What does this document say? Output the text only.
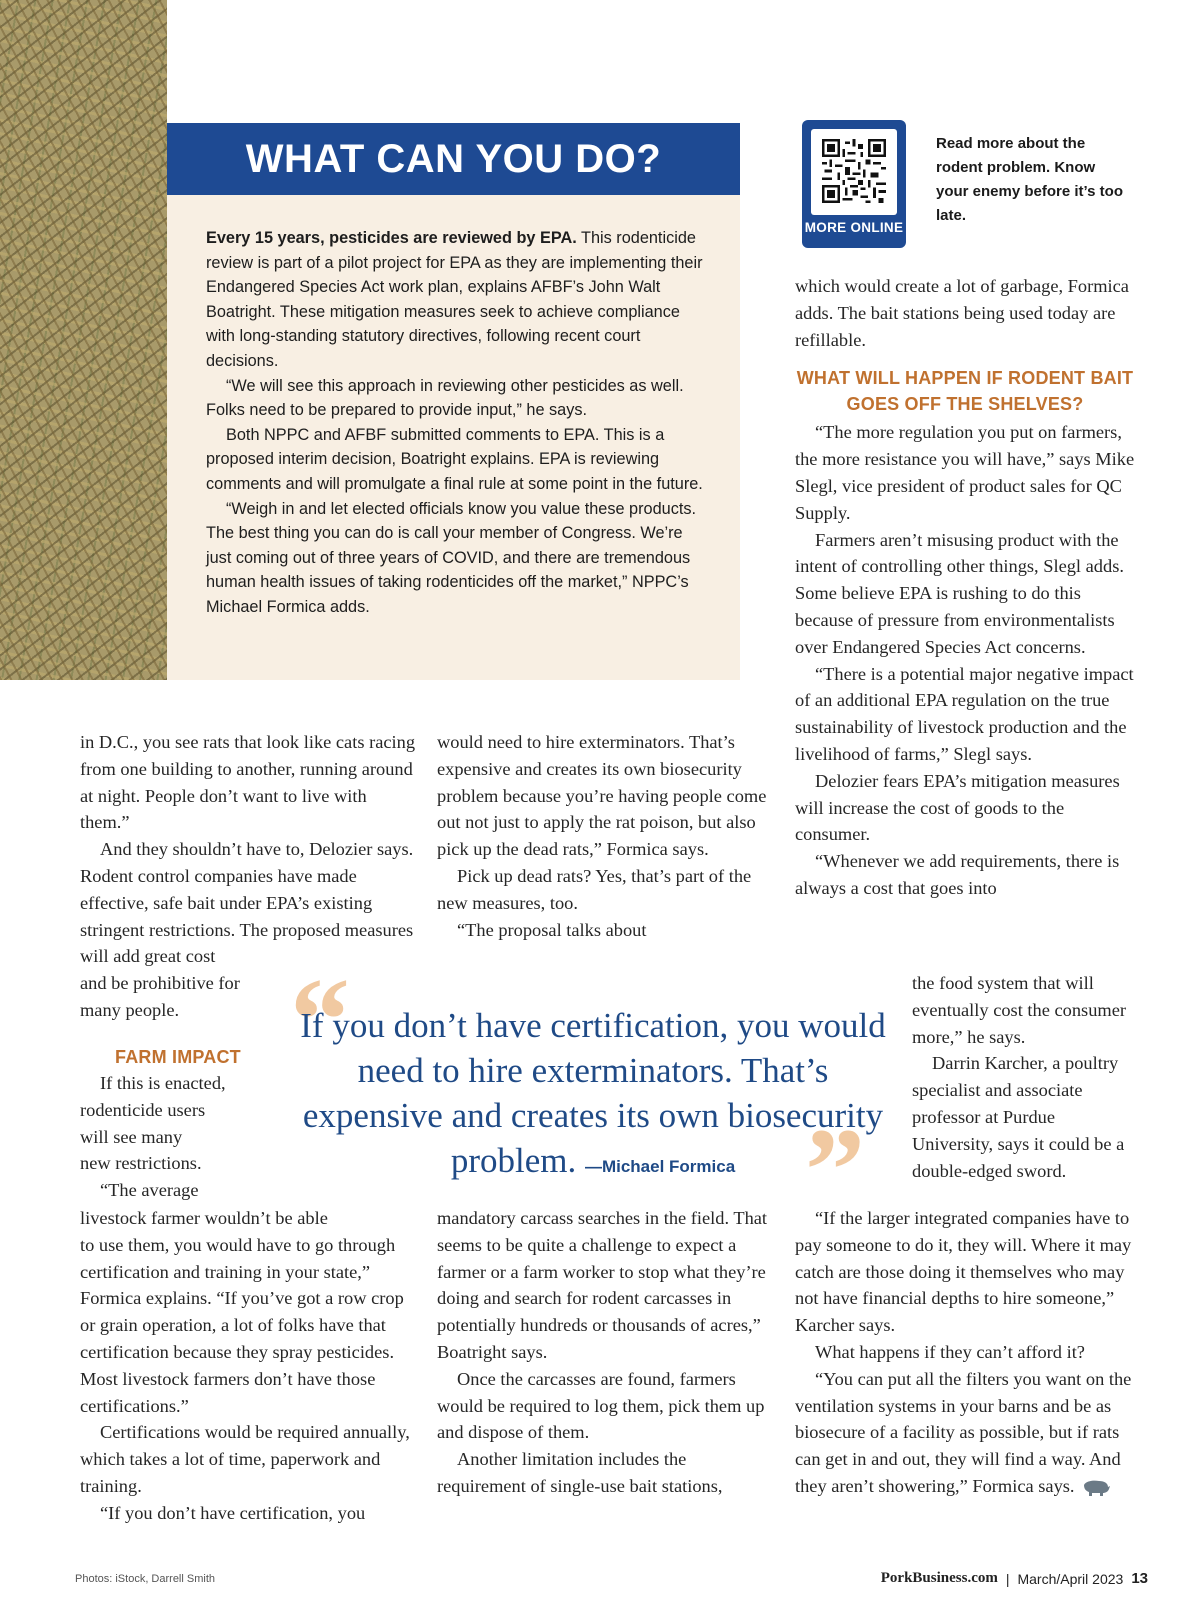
WHAT CAN YOU DO?

Every 15 years, pesticides are reviewed by EPA. This rodenticide review is part of a pilot project for EPA as they are implementing their Endangered Species Act work plan, explains AFBF’s John Walt Boatright. These mitigation measures seek to achieve compliance with long-standing statutory directives, following recent court decisions.

“We will see this approach in reviewing other pesticides as well. Folks need to be prepared to provide input,” he says.

Both NPPC and AFBF submitted comments to EPA. This is a proposed interim decision, Boatright explains. EPA is reviewing comments and will promulgate a final rule at some point in the future.

“Weigh in and let elected officials know you value these products. The best thing you can do is call your member of Congress. We’re just coming out of three years of COVID, and there are tremendous human health issues of taking rodenticides off the market,” NPPC’s Michael Formica adds.

MORE ONLINE
Read more about the rodent problem. Know your enemy before it’s too late.

in D.C., you see rats that look like cats racing from one building to another, running around at night. People don’t want to live with them.”

And they shouldn’t have to, Delozier says. Rodent control companies have made effective, safe bait under EPA’s existing stringent restrictions. The proposed measures will add great cost

and be prohibitive for
many people.
FARM IMPACT
If this is enacted,
rodenticide users
will see many
new restrictions.
“The average
livestock farmer wouldn’t be able

to use them, you would have to go through certification and training in your state,” Formica explains. “If you’ve got a row crop or grain operation, a lot of folks have that certification because they spray pesticides. Most livestock farmers don’t have those certifications.”

Certifications would be required annually, which takes a lot of time, paperwork and training.

“If you don’t have certification, you

would need to hire exterminators. That’s expensive and creates its own biosecurity problem because you’re having people come out not just to apply the rat poison, but also pick up the dead rats,” Formica says.

Pick up dead rats? Yes, that’s part of the new measures, too.

“The proposal talks about

mandatory carcass searches in the field. That seems to be quite a challenge to expect a farmer or a farm worker to stop what they’re doing and search for rodent carcasses in potentially hundreds or thousands of acres,” Boatright says.

Once the carcasses are found, farmers would be required to log them, pick them up and dispose of them.

Another limitation includes the requirement of single-use bait stations,

which would create a lot of garbage, Formica adds. The bait stations being used today are refillable.

WHAT WILL HAPPEN IF RODENT BAIT GOES OFF THE SHELVES?

“The more regulation you put on farmers, the more resistance you will have,” says Mike Slegl, vice president of product sales for QC Supply.

Farmers aren’t misusing product with the intent of controlling other things, Slegl adds. Some believe EPA is rushing to do this because of pressure from environmentalists over Endangered Species Act concerns.

“There is a potential major negative impact of an additional EPA regulation on the true sustainability of livestock production and the livelihood of farms,” Slegl says.

Delozier fears EPA’s mitigation measures will increase the cost of goods to the consumer.

“Whenever we add requirements, there is always a cost that goes into

the food system that will eventually cost the consumer more,” he says.

Darrin Karcher, a poultry specialist and associate professor at Purdue University, says it could be a double-edged sword.

“If the larger integrated companies have to pay someone to do it, they will. Where it may catch are those doing it themselves who may not have financial depths to hire someone,” Karcher says.

What happens if they can’t afford it?

“You can put all the filters you want on the ventilation systems in your barns and be as biosecure of a facility as possible, but if rats can get in and out, they will find a way. And they aren’t showering,” Formica says.

“
”
If you don’t have certification, you would need to hire exterminators. That’s expensive and creates its own biosecurity problem. —Michael Formica
Photos: iStock, Darrell Smith	PorkBusiness.com | March/April 2023 13
